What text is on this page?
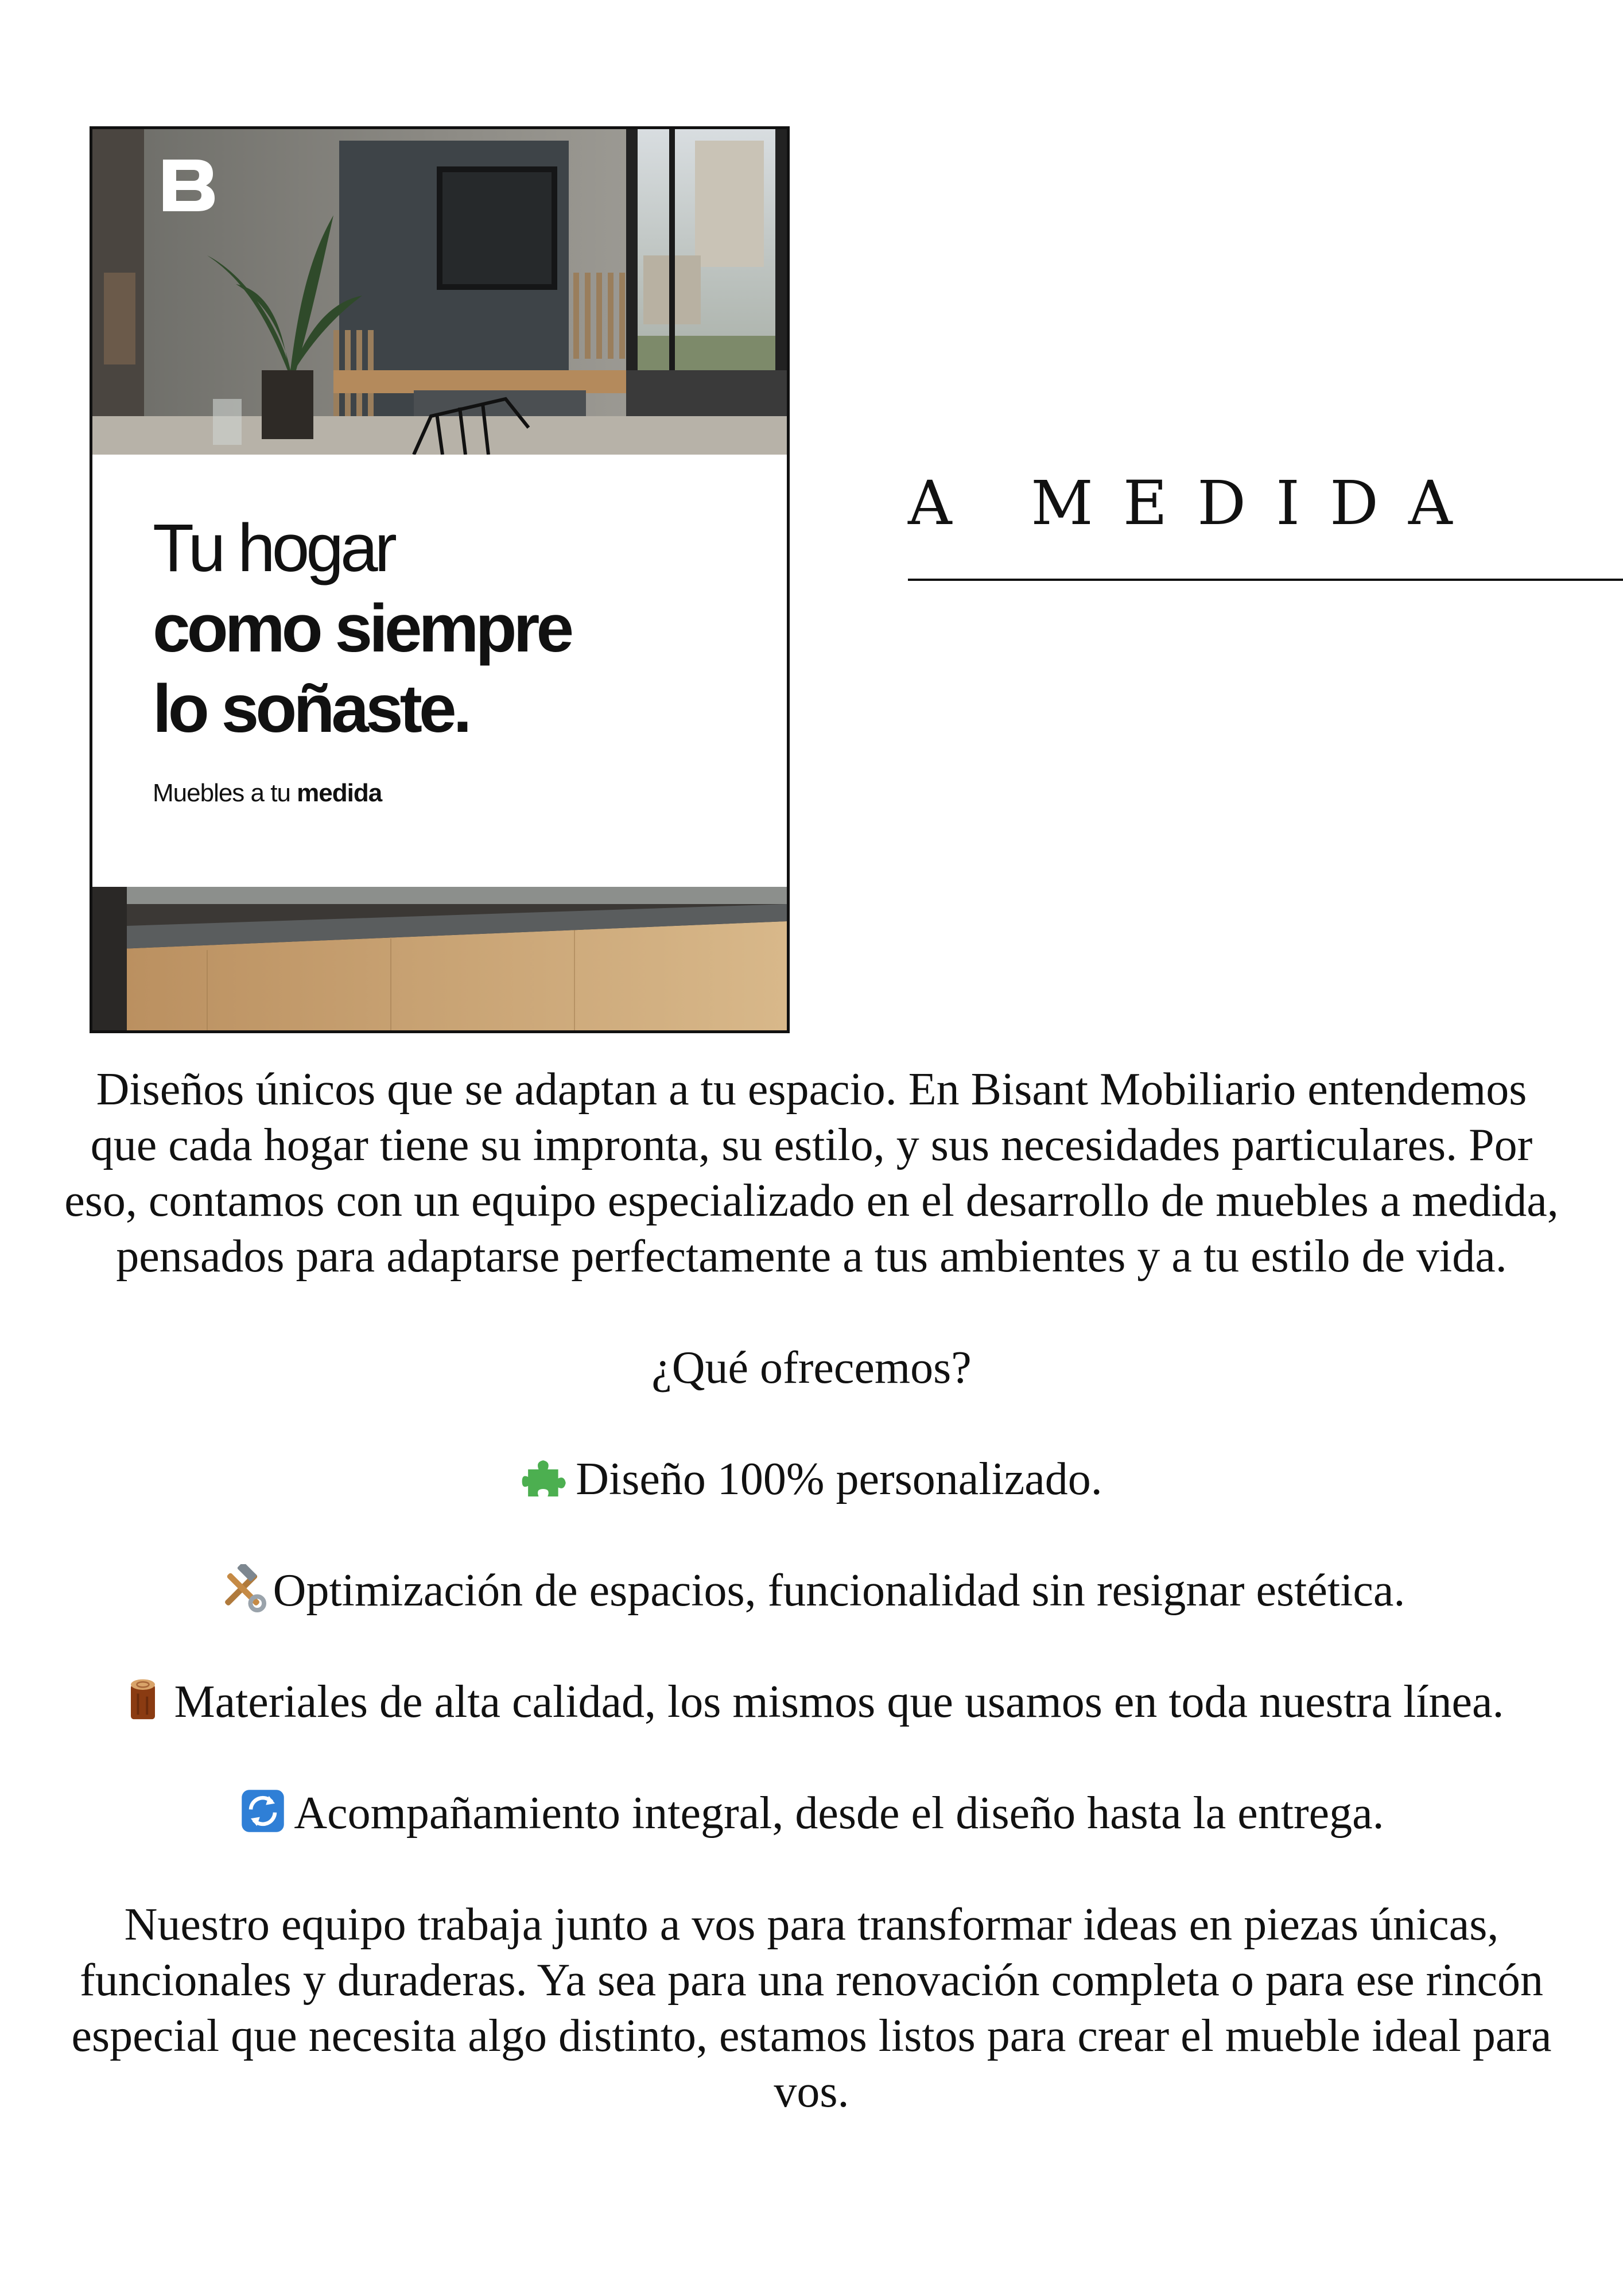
Tu hogar
como siempre
lo soñaste.
Muebles a tu medida
A MEDIDA

Diseños únicos que se adaptan a tu espacio. En Bisant Mobiliario entendemos que cada hogar tiene su impronta, su estilo, y sus necesidades particulares. Por eso, contamos con un equipo especializado en el desarrollo de muebles a medida, pensados para adaptarse perfectamente a tus ambientes y a tu estilo de vida.

¿Qué ofrecemos?

Diseño 100% personalizado.

Optimización de espacios, funcionalidad sin resignar estética.

Materiales de alta calidad, los mismos que usamos en toda nuestra línea.

Acompañamiento integral, desde el diseño hasta la entrega.

Nuestro equipo trabaja junto a vos para transformar ideas en piezas únicas, funcionales y duraderas. Ya sea para una renovación completa o para ese rincón especial que necesita algo distinto, estamos listos para crear el mueble ideal para vos.
